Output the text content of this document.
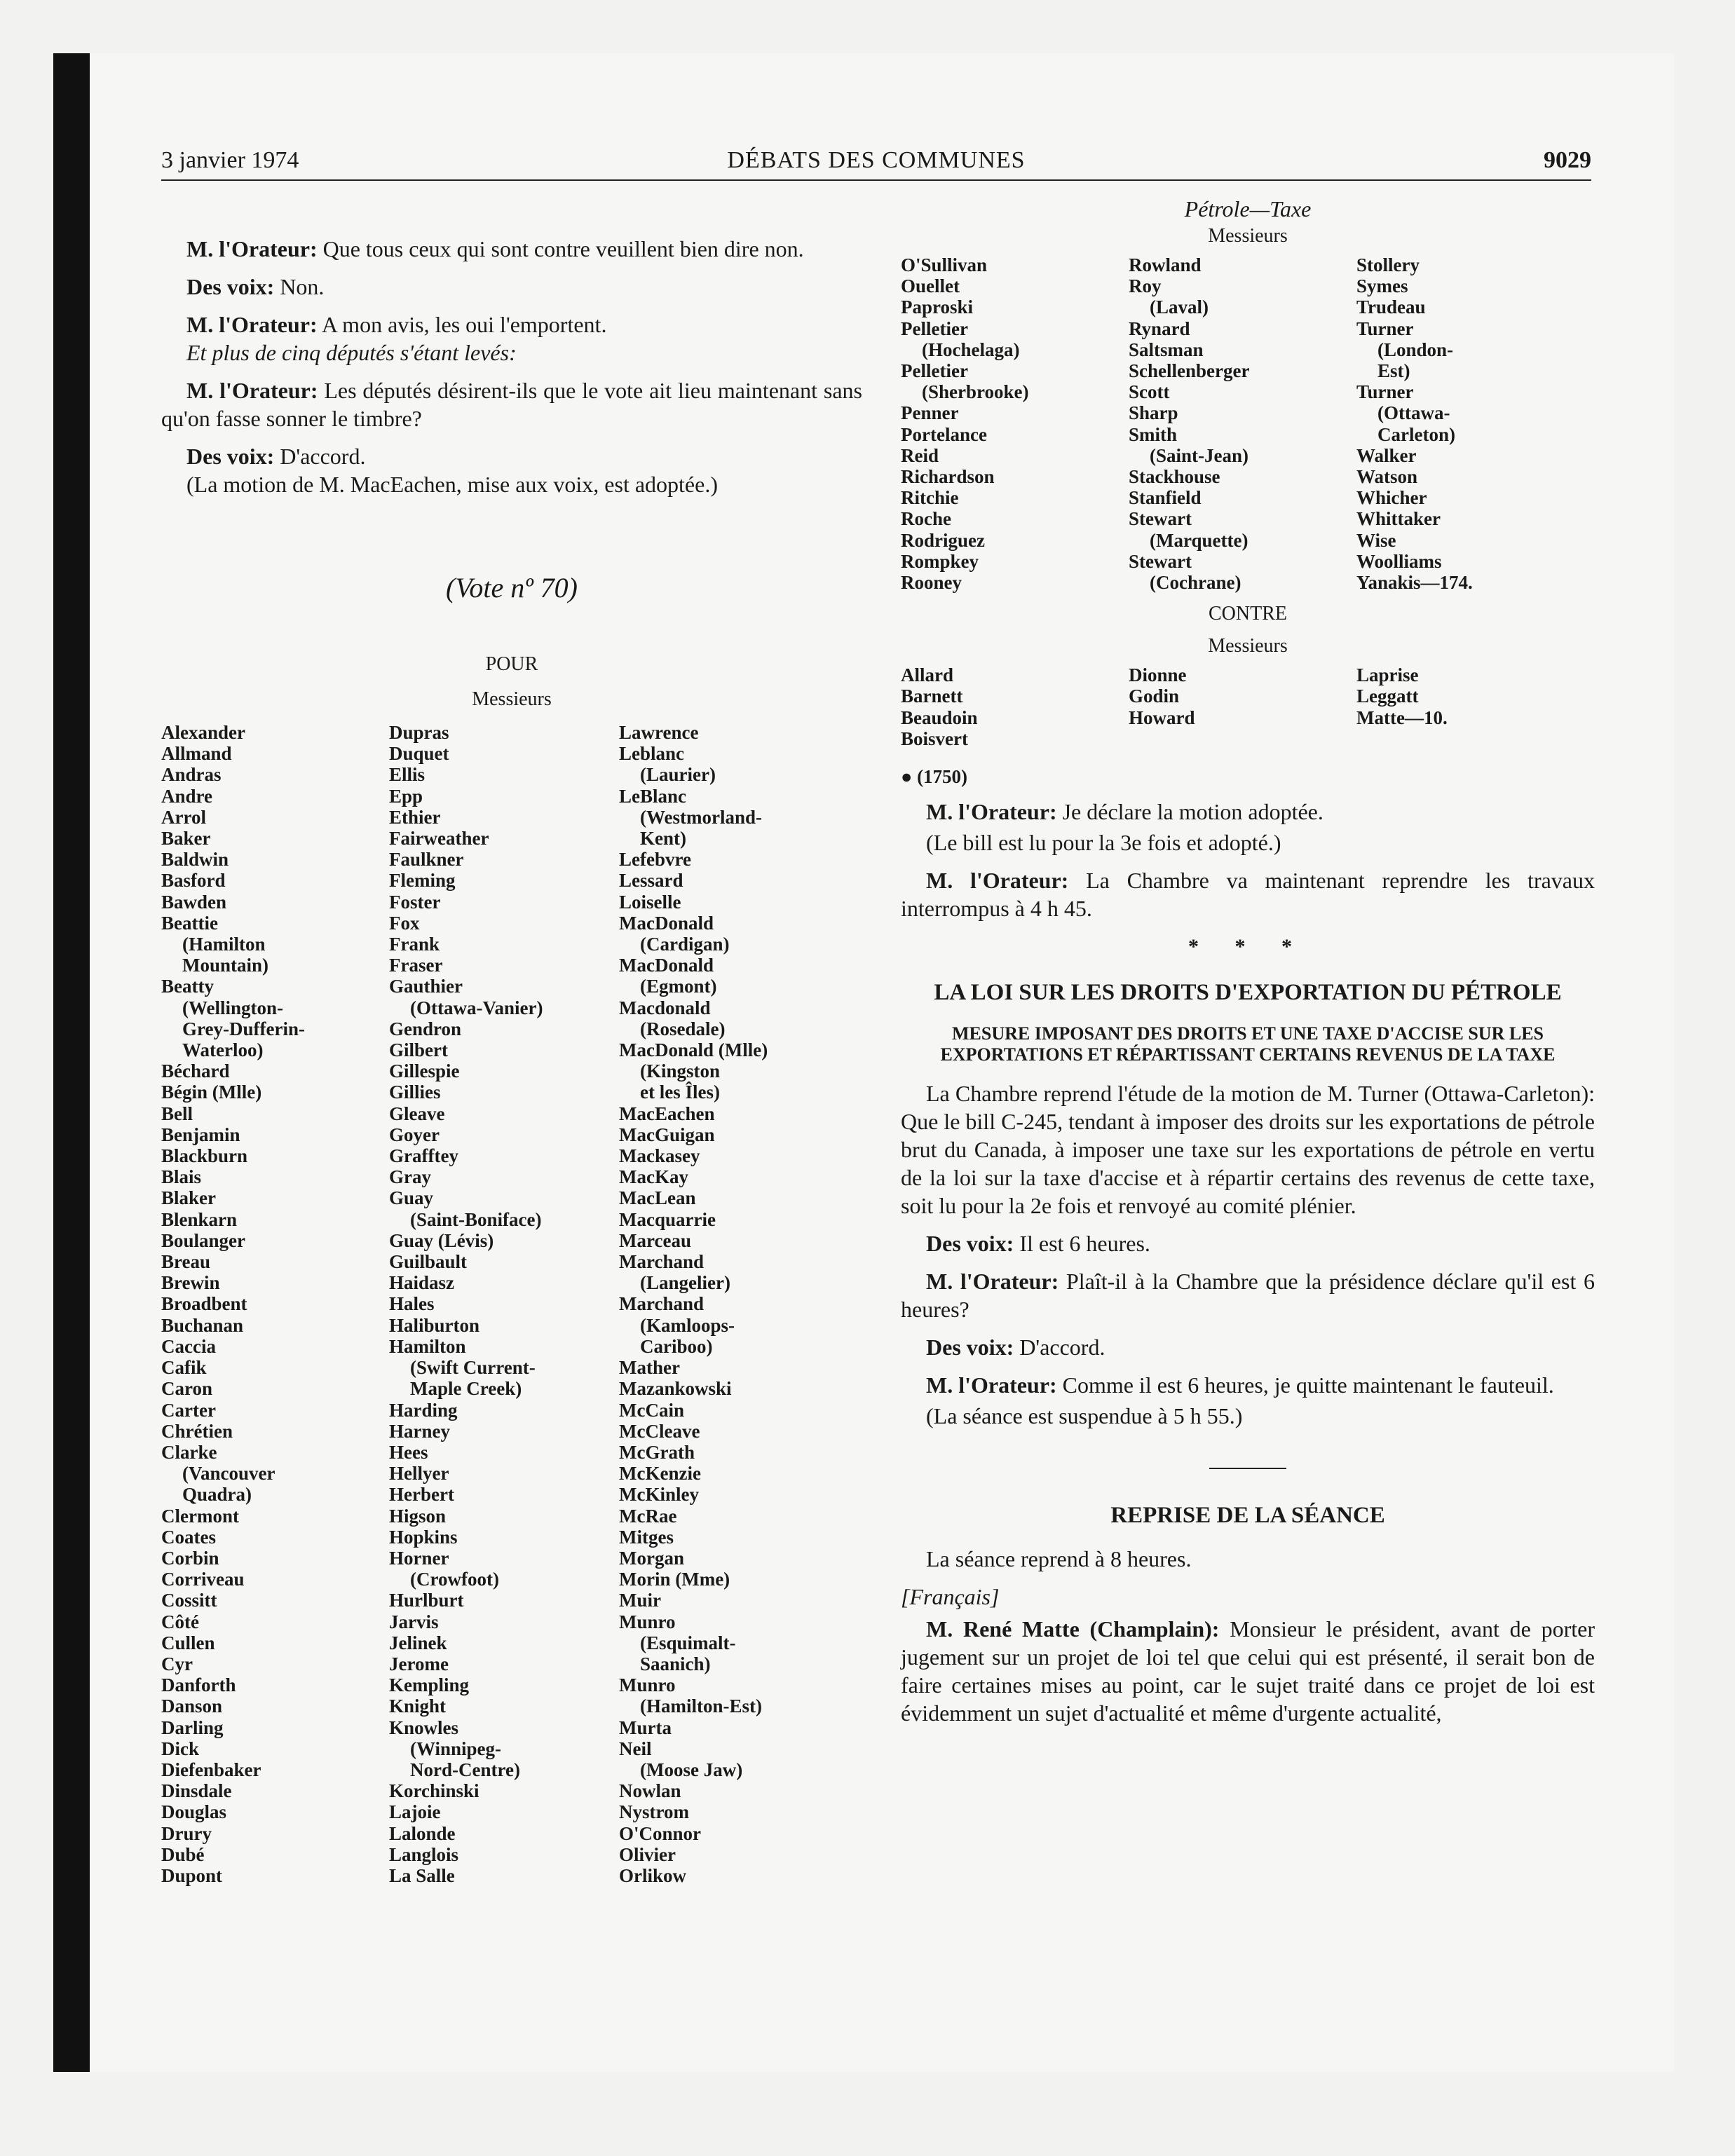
3 janvier 1974	DÉBATS DES COMMUNES	9029

M. l'Orateur: Que tous ceux qui sont contre veuillent bien dire non.

Des voix: Non.

M. l'Orateur: A mon avis, les oui l'emportent.

Et plus de cinq députés s'étant levés:

M. l'Orateur: Les députés désirent-ils que le vote ait lieu maintenant sans qu'on fasse sonner le timbre?

Des voix: D'accord.

(La motion de M. MacEachen, mise aux voix, est adoptée.)

(Vote nº 70)

POUR

Messieurs

Alexander
Allmand
Andras
Andre
Arrol
Baker
Baldwin
Basford
Bawden
Beattie
(Hamilton
Mountain)
Beatty
(Wellington-
Grey-Dufferin-
Waterloo)
Béchard
Bégin (Mlle)
Bell
Benjamin
Blackburn
Blais
Blaker
Blenkarn
Boulanger
Breau
Brewin
Broadbent
Buchanan
Caccia
Cafik
Caron
Carter
Chrétien
Clarke
(Vancouver
Quadra)
Clermont
Coates
Corbin
Corriveau
Cossitt
Côté
Cullen
Cyr
Danforth
Danson
Darling
Dick
Diefenbaker
Dinsdale
Douglas
Drury
Dubé
Dupont
Dupras
Duquet
Ellis
Epp
Ethier
Fairweather
Faulkner
Fleming
Foster
Fox
Frank
Fraser
Gauthier
(Ottawa-Vanier)
Gendron
Gilbert
Gillespie
Gillies
Gleave
Goyer
Grafftey
Gray
Guay
(Saint-Boniface)
Guay (Lévis)
Guilbault
Haidasz
Hales
Haliburton
Hamilton
(Swift Current-
Maple Creek)
Harding
Harney
Hees
Hellyer
Herbert
Higson
Hopkins
Horner
(Crowfoot)
Hurlburt
Jarvis
Jelinek
Jerome
Kempling
Knight
Knowles
(Winnipeg-
Nord-Centre)
Korchinski
Lajoie
Lalonde
Langlois
La Salle
Lawrence
Leblanc
(Laurier)
LeBlanc
(Westmorland-
Kent)
Lefebvre
Lessard
Loiselle
MacDonald
(Cardigan)
MacDonald
(Egmont)
Macdonald
(Rosedale)
MacDonald (Mlle)
(Kingston
et les Îles)
MacEachen
MacGuigan
Mackasey
MacKay
MacLean
Macquarrie
Marceau
Marchand
(Langelier)
Marchand
(Kamloops-
Cariboo)
Mather
Mazankowski
McCain
McCleave
McGrath
McKenzie
McKinley
McRae
Mitges
Morgan
Morin (Mme)
Muir
Munro
(Esquimalt-
Saanich)
Munro
(Hamilton-Est)
Murta
Neil
(Moose Jaw)
Nowlan
Nystrom
O'Connor
Olivier
Orlikow

Pétrole—Taxe

Messieurs

O'Sullivan
Ouellet
Paproski
Pelletier
(Hochelaga)
Pelletier
(Sherbrooke)
Penner
Portelance
Reid
Richardson
Ritchie
Roche
Rodriguez
Rompkey
Rooney
Rowland
Roy
(Laval)
Rynard
Saltsman
Schellenberger
Scott
Sharp
Smith
(Saint-Jean)
Stackhouse
Stanfield
Stewart
(Marquette)
Stewart
(Cochrane)
Stollery
Symes
Trudeau
Turner
(London-
Est)
Turner
(Ottawa-
Carleton)
Walker
Watson
Whicher
Whittaker
Wise
Woolliams
Yanakis—174.

CONTRE

Messieurs

Allard
Barnett
Beaudoin
Boisvert
Dionne
Godin
Howard
Laprise
Leggatt
Matte—10.

● (1750)

M. l'Orateur: Je déclare la motion adoptée.

(Le bill est lu pour la 3e fois et adopté.)

M. l'Orateur: La Chambre va maintenant reprendre les travaux interrompus à 4 h 45.

* * *

LA LOI SUR LES DROITS D'EXPORTATION DU PÉTROLE

MESURE IMPOSANT DES DROITS ET UNE TAXE D'ACCISE SUR LES EXPORTATIONS ET RÉPARTISSANT CERTAINS REVENUS DE LA TAXE

La Chambre reprend l'étude de la motion de M. Turner (Ottawa-Carleton): Que le bill C-245, tendant à imposer des droits sur les exportations de pétrole brut du Canada, à imposer une taxe sur les exportations de pétrole en vertu de la loi sur la taxe d'accise et à répartir certains des revenus de cette taxe, soit lu pour la 2e fois et renvoyé au comité plénier.

Des voix: Il est 6 heures.

M. l'Orateur: Plaît-il à la Chambre que la présidence déclare qu'il est 6 heures?

Des voix: D'accord.

M. l'Orateur: Comme il est 6 heures, je quitte maintenant le fauteuil.

(La séance est suspendue à 5 h 55.)

REPRISE DE LA SÉANCE

La séance reprend à 8 heures.

[Français]

M. René Matte (Champlain): Monsieur le président, avant de porter jugement sur un projet de loi tel que celui qui est présenté, il serait bon de faire certaines mises au point, car le sujet traité dans ce projet de loi est évidemment un sujet d'actualité et même d'urgente actualité,
